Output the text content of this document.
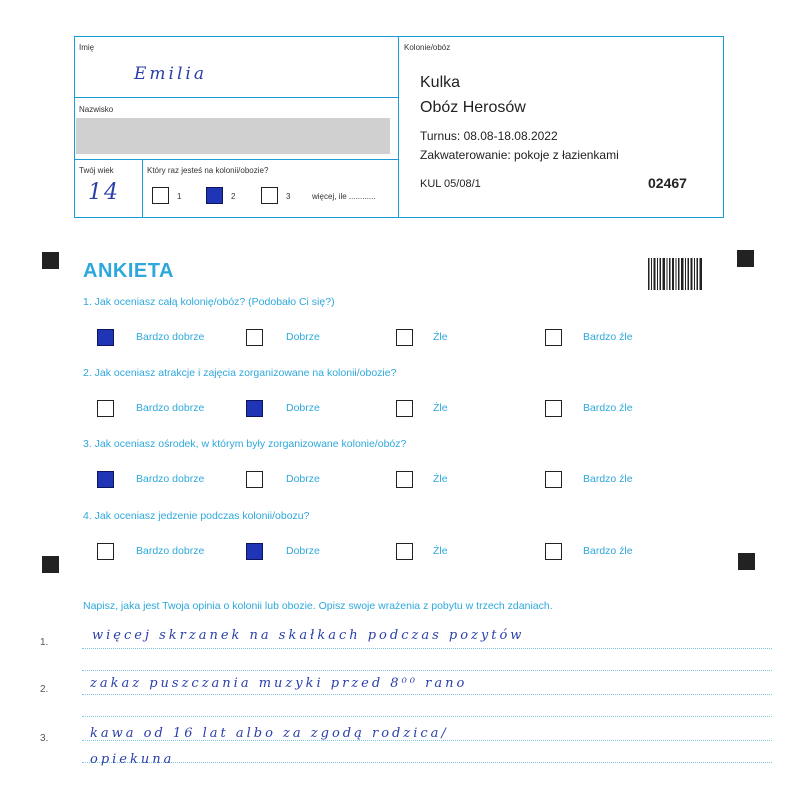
Imię
Emilia
Nazwisko
Twój wiek
14
Który raz jesteś na kolonii/obozie?
1	2	3	więcej, ile ............
Kolonie/obóz
Kulka
Obóz Herosów
Turnus: 08.08-18.08.2022
Zakwaterowanie: pokoje z łazienkami
KUL 05/08/1	02467
ANKIETA
1. Jak oceniasz całą kolonię/obóz? (Podobało Ci się?)
Bardzo dobrze	Dobrze	Źle	Bardzo źle
2. Jak oceniasz atrakcje i zajęcia zorganizowane na kolonii/obozie?
Bardzo dobrze	Dobrze	Źle	Bardzo źle
3. Jak oceniasz ośrodek, w którym były zorganizowane kolonie/obóz?
Bardzo dobrze	Dobrze	Źle	Bardzo źle
4. Jak oceniasz jedzenie podczas kolonii/obozu?
Bardzo dobrze	Dobrze	Źle	Bardzo źle
Napisz, jaka jest Twoja opinia o kolonii lub obozie. Opisz swoje wrażenia z pobytu w trzech zdaniach.
1.	więcej skrzanek na skałkach podczas pozytów
2.	zakaz puszczania muzyki przed 8⁰⁰ rano
3.	kawa od 16 lat albo za zgodą rodzica/
opiekuna
